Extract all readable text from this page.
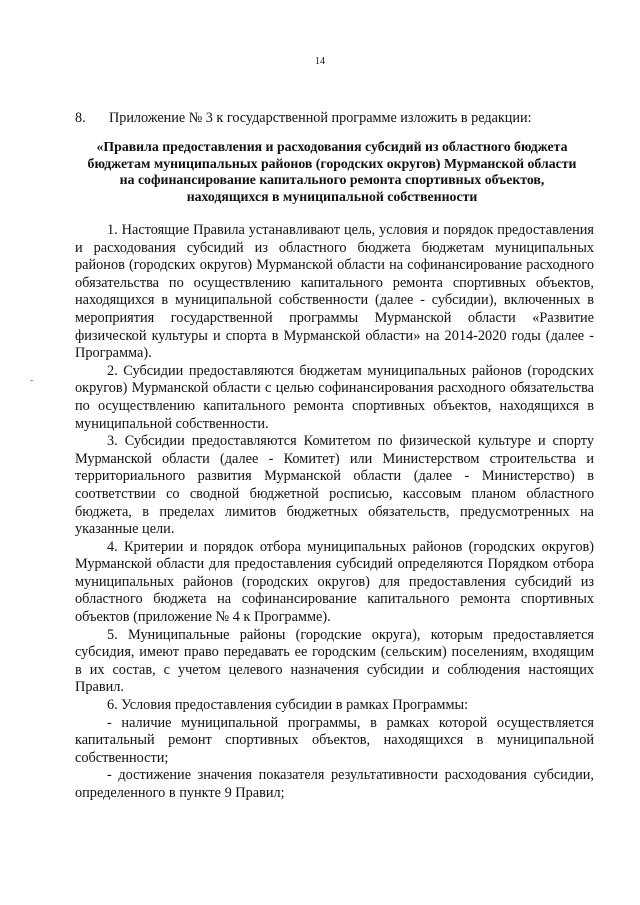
14
8. Приложение № 3 к государственной программе изложить в редакции:
«Правила предоставления и расходования субсидий из областного бюджета бюджетам муниципальных районов (городских округов) Мурманской области на софинансирование капитального ремонта спортивных объектов, находящихся в муниципальной собственности

1. Настоящие Правила устанавливают цель, условия и порядок предоставления и расходования субсидий из областного бюджета бюджетам муниципальных районов (городских округов) Мурманской области на софинансирование расходного обязательства по осуществлению капитального ремонта спортивных объектов, находящихся в муниципальной собственности (далее - субсидии), включенных в мероприятия государственной программы Мурманской области «Развитие физической культуры и спорта в Мурманской области» на 2014-2020 годы (далее - Программа).

2. Субсидии предоставляются бюджетам муниципальных районов (городских округов) Мурманской области с целью софинансирования расходного обязательства по осуществлению капитального ремонта спортивных объектов, находящихся в муниципальной собственности.

3. Субсидии предоставляются Комитетом по физической культуре и спорту Мурманской области (далее - Комитет) или Министерством строительства и территориального развития Мурманской области (далее - Министерство) в соответствии со сводной бюджетной росписью, кассовым планом областного бюджета, в пределах лимитов бюджетных обязательств, предусмотренных на указанные цели.

4. Критерии и порядок отбора муниципальных районов (городских округов) Мурманской области для предоставления субсидий определяются Порядком отбора муниципальных районов (городских округов) для предоставления субсидий из областного бюджета на софинансирование капитального ремонта спортивных объектов (приложение № 4 к Программе).

5. Муниципальные районы (городские округа), которым предоставляется субсидия, имеют право передавать ее городским (сельским) поселениям, входящим в их состав, с учетом целевого назначения субсидии и соблюдения настоящих Правил.

6. Условия предоставления субсидии в рамках Программы:

- наличие муниципальной программы, в рамках которой осуществляется капитальный ремонт спортивных объектов, находящихся в муниципальной собственности;

- достижение значения показателя результативности расходования субсидии, определенного в пункте 9 Правил;
